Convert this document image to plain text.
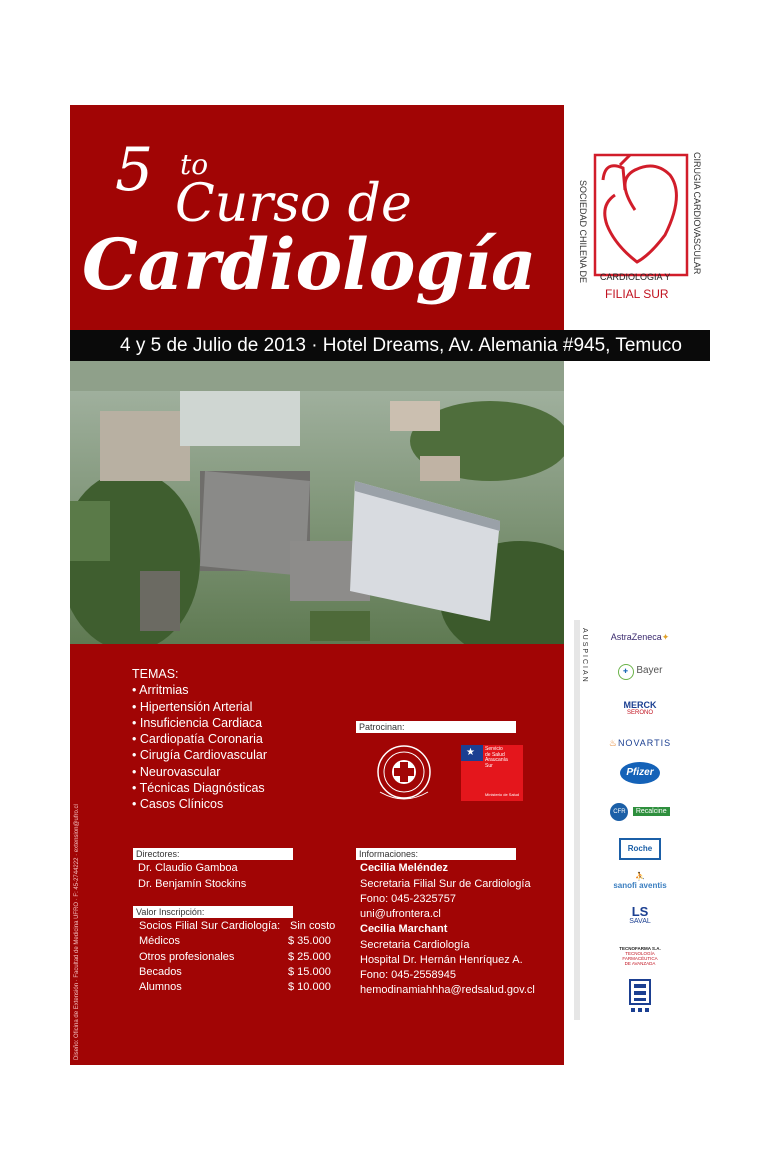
5 to
Curso de
Cardiología	SOCIEDAD CHILENA DE	CIRUGIA CARDIOVASCULAR
CARDIOLOGIA Y
FILIAL SUR
4 y 5 de Julio de 2013 · Hotel Dreams, Av. Alemania #945, Temuco
TEMAS:
• Arritmias
• Hipertensión Arterial
• Insuficiencia Cardiaca
• Cardiopatía Coronaria
• Cirugía Cardiovascular
• Neurovascular
• Técnicas Diagnósticas
• Casos Clínicos
Patrocinan:
★ Servicio
de Salud
Araucanía
Sur
Ministerio de Salud
Directores:
Dr. Claudio Gamboa
Dr. Benjamín Stockins
Valor Inscripción:
Socios Filial Sur Cardiología: Sin costo
Médicos	$ 35.000
Otros profesionales	$ 25.000
Becados	$ 15.000
Alumnos	$ 10.000
Informaciones:
Cecilia Meléndez
Secretaria Filial Sur de Cardiología
Fono: 045-2325757
uni@ufrontera.cl
Cecilia Marchant
Secretaria Cardiología
Hospital Dr. Hernán Henríquez A.
Fono: 045-2558945
hemodinamiahhha@redsalud.gov.cl
Diseño: Oficina de Extensión · Facultad de Medicina UFRO · F: 45-2744222 · extension@ufro.cl
AUSPICIAN	AstraZeneca✦
✚ Bayer
MERCK
SERONO
♨NOVARTIS
Pfizer
CFR Recalcine
Roche
⛹
sanofi aventis
LS
SAVAL
TECNOFARMA S.A.
TECNOLOGÍA
FARMACÉUTICA
DE AVANZADA
